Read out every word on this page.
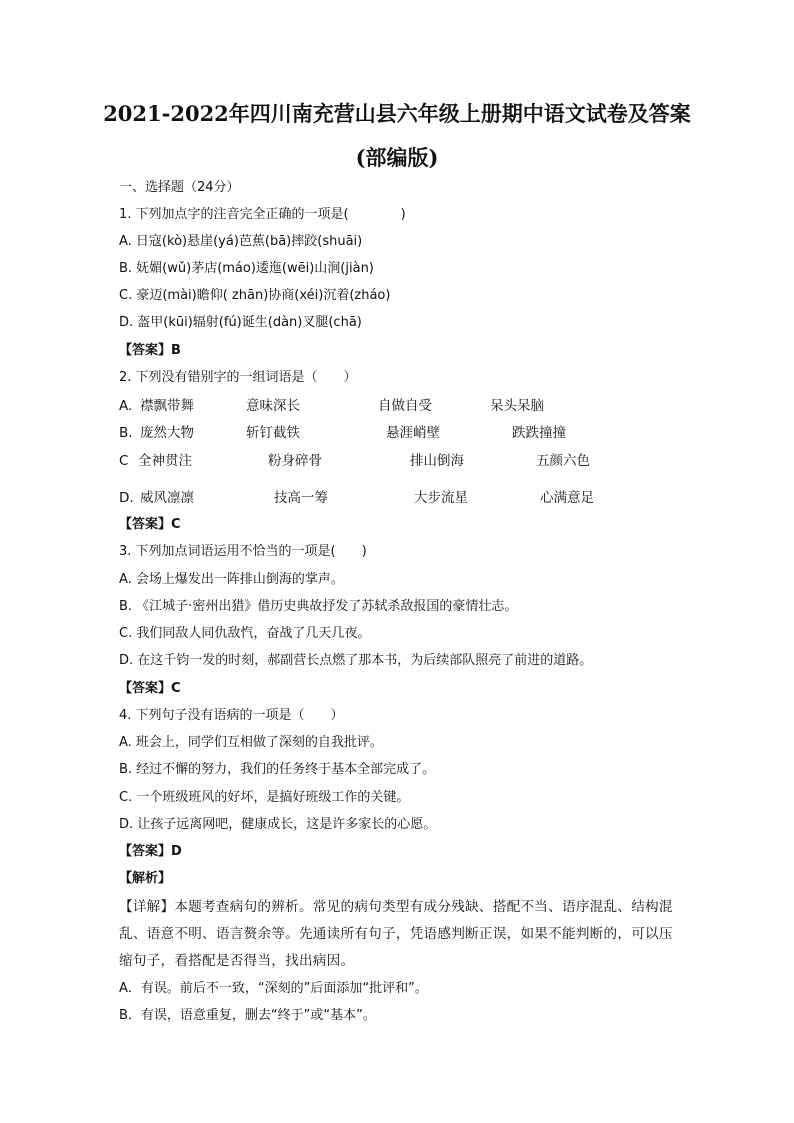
2021-2022年四川南充营山县六年级上册期中语文试卷及答案(部编版)
一、选择题（24分）
1. 下列加点字的注音完全正确的一项是(　　　　)
A. 日寇(kò)悬崖(yá)芭蕉(bā)摔跤(shuāi)
B. 妩媚(wǔ)茅店(máo)逶迤(wēi)山涧(jiàn)
C. 豪迈(mài)瞻仰( zhān)协商(xéi)沉着(zháo)
D. 盔甲(kūi)辐射(fú)诞生(dàn)叉腿(chā)
【答案】B
2. 下列没有错别字的一组词语是（　　）
A. 襟飘带舞	意味深长	自做自受	呆头呆脑
B. 庞然大物	斩钉截铁	悬涯峭壁	跌跌撞撞
C 全神贯注	粉身碎骨	排山倒海	五颜六色
D. 威风凛凛	技高一筹	大步流星	心满意足
【答案】C
3. 下列加点词语运用不恰当的一项是(　　)
A. 会场上爆发出一阵排山倒海的掌声。
B. 《江城子·密州出猎》借历史典故抒发了苏轼杀敌报国的豪情壮志。
C. 我们同敌人同仇敌忾，奋战了几天几夜。
D. 在这千钧一发的时刻，郝副营长点燃了那本书，为后续部队照亮了前进的道路。
【答案】C
4. 下列句子没有语病的一项是（　　）
A. 班会上，同学们互相做了深刻的自我批评。
B. 经过不懈的努力，我们的任务终于基本全部完成了。
C. 一个班级班风的好坏，是搞好班级工作的关键。
D. 让孩子远离网吧，健康成长，这是许多家长的心愿。
【答案】D
【解析】
【详解】本题考查病句的辨析。常见的病句类型有成分残缺、搭配不当、语序混乱、结构混
乱、语意不明、语言赘余等。先通读所有句子，凭语感判断正误，如果不能判断的，可以压
缩句子，看搭配是否得当，找出病因。
A．有误。前后不一致，“深刻的”后面添加“批评和”。
B．有误，语意重复，删去“终于”或“基本”。
